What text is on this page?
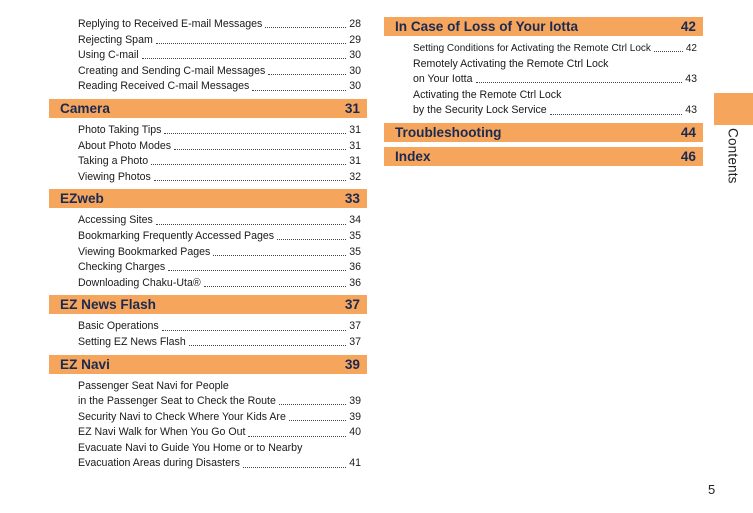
Replying to Received E-mail Messages	28
Rejecting Spam	29
Using C-mail	30
Creating and Sending C-mail Messages	30
Reading Received C-mail Messages	30
Camera	31
Photo Taking Tips	31
About Photo Modes	31
Taking a Photo	31
Viewing Photos	32
EZweb	33
Accessing Sites	34
Bookmarking Frequently Accessed Pages	35
Viewing Bookmarked Pages	35
Checking Charges	36
Downloading Chaku-Uta®	36
EZ News Flash	37
Basic Operations	37
Setting EZ News Flash	37
EZ Navi	39
Passenger Seat Navi for People
in the Passenger Seat to Check the Route	39
Security Navi to Check Where Your Kids Are	39
EZ Navi Walk for When You Go Out	40
Evacuate Navi to Guide You Home or to Nearby
Evacuation Areas during Disasters	41
In Case of Loss of Your Iotta	42
Setting Conditions for Activating the Remote Ctrl Lock	42
Remotely Activating the Remote Ctrl Lock
on Your Iotta	43
Activating the Remote Ctrl Lock
by the Security Lock Service	43
Troubleshooting	44
Index	46 Contents
5
